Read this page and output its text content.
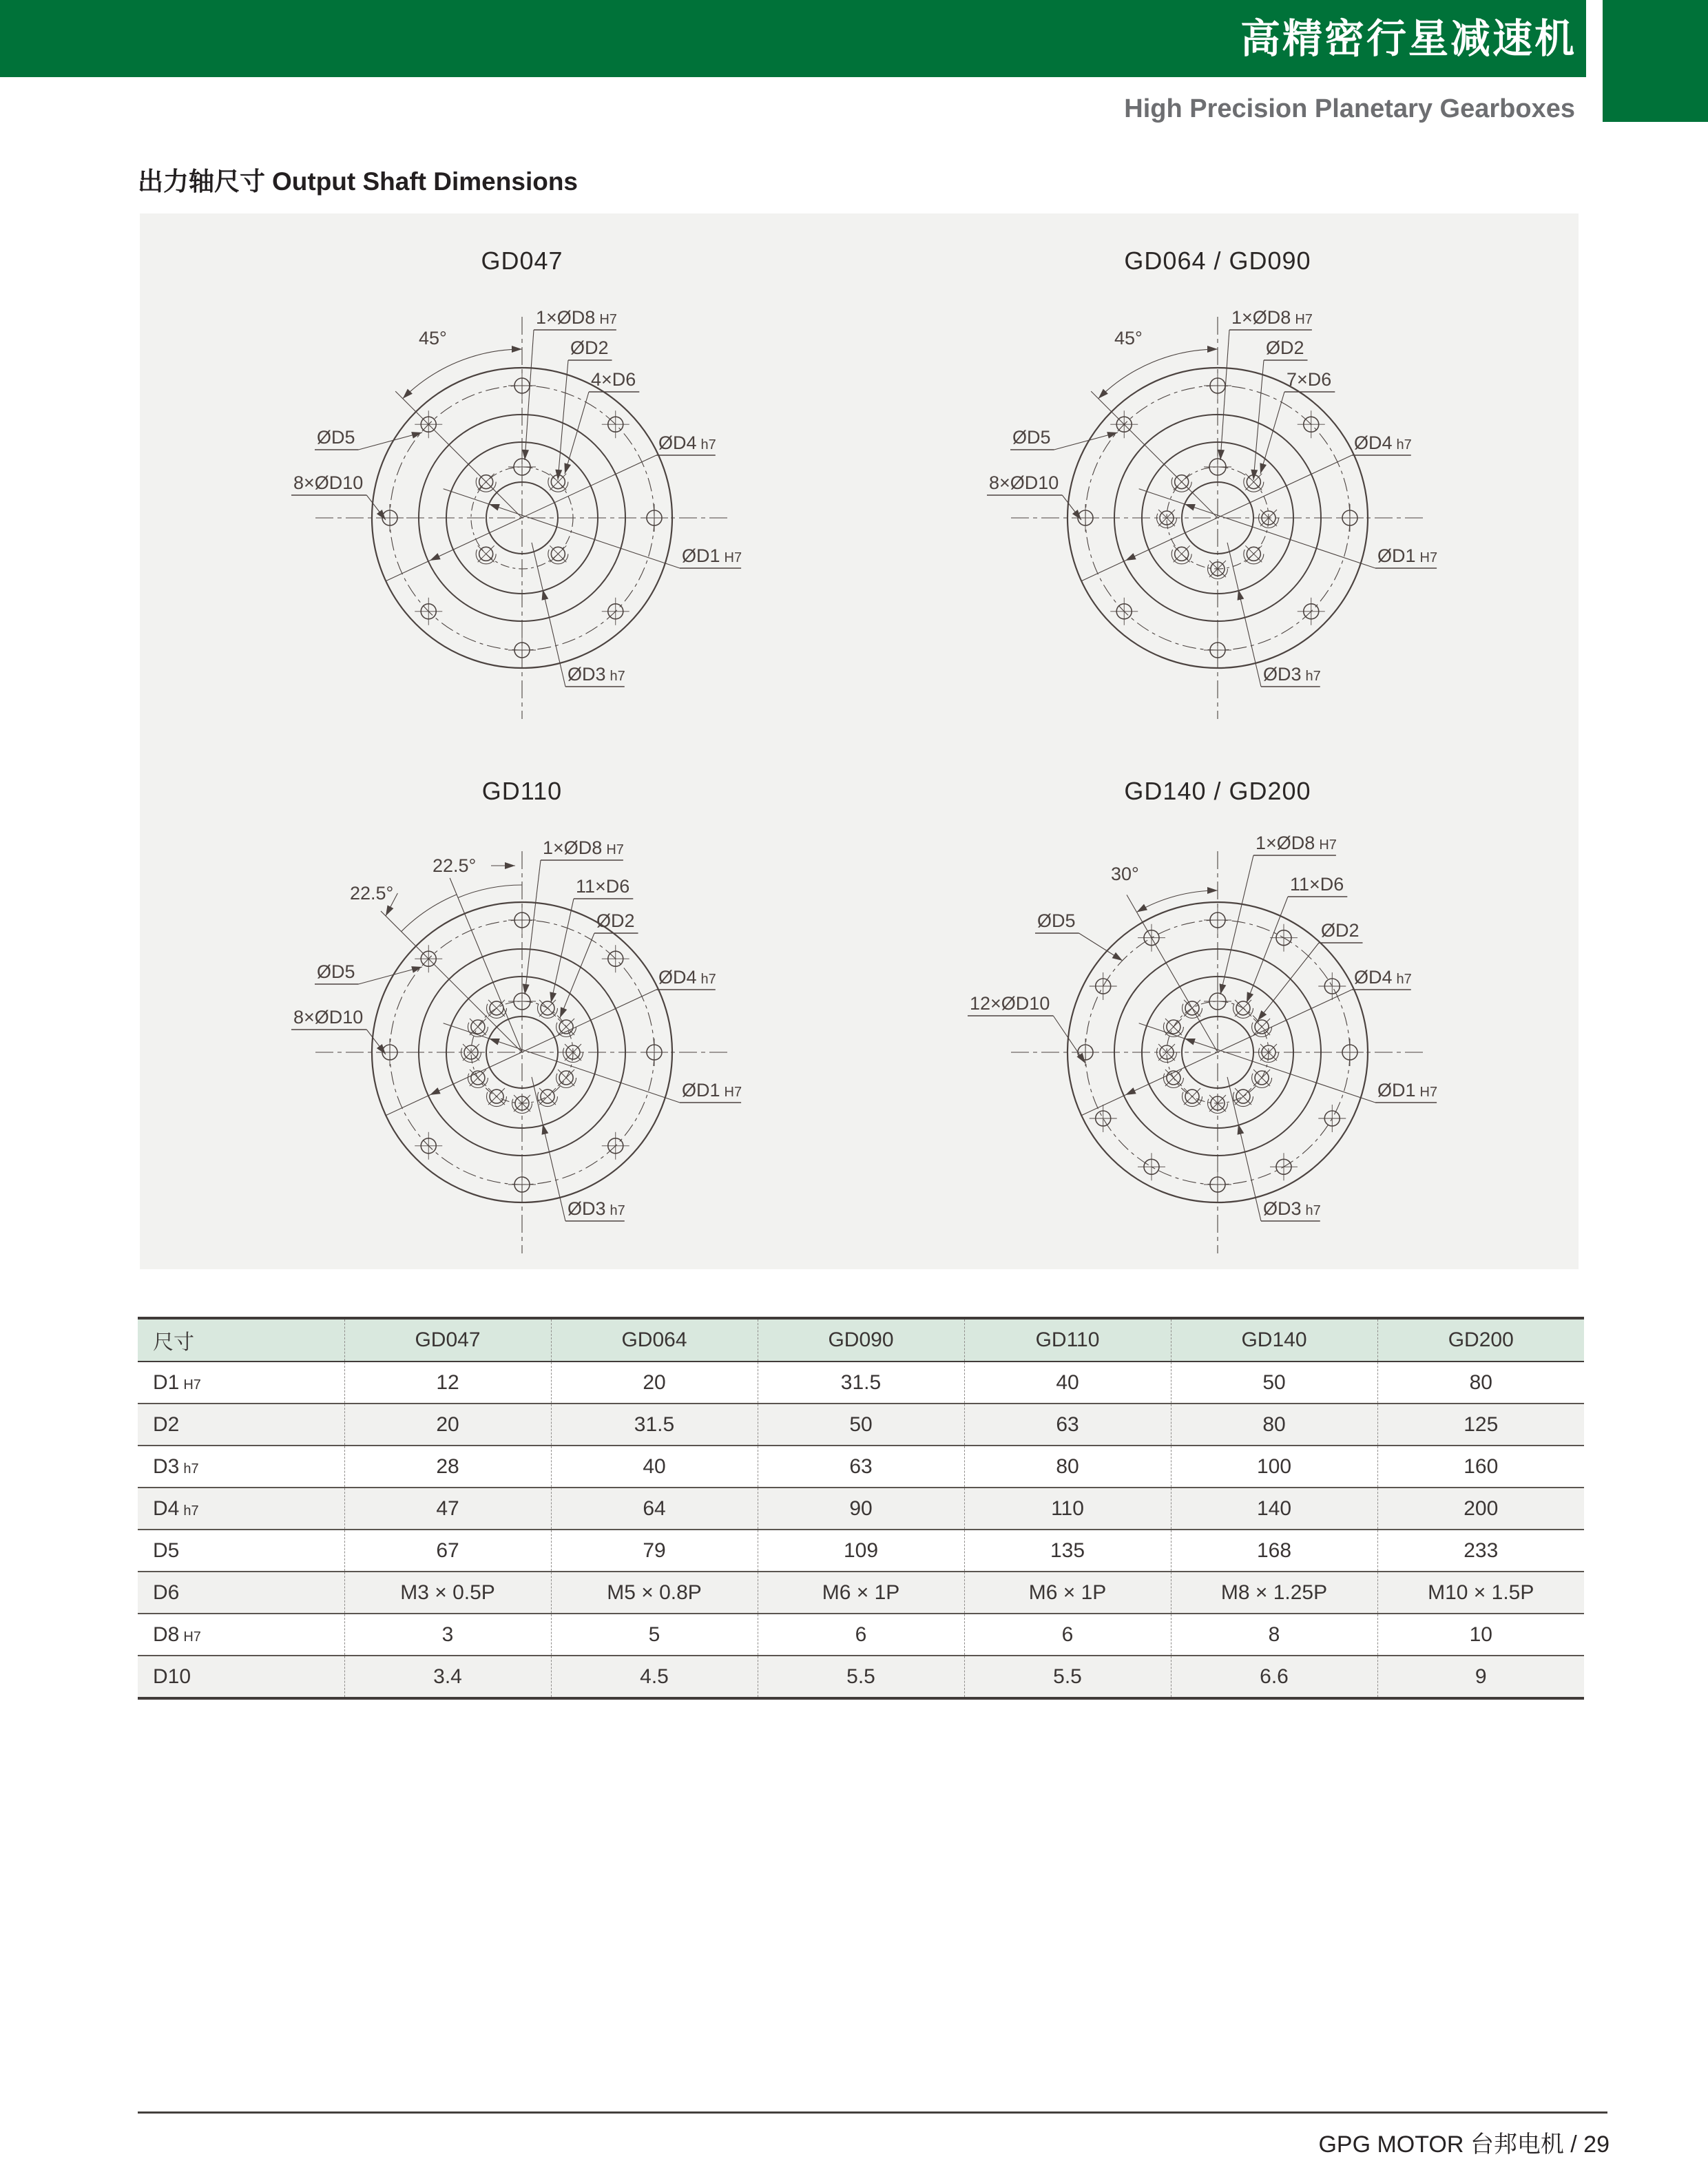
高精密行星减速机
High Precision Planetary Gearboxes
出力轴尺寸 Output Shaft Dimensions
GD047	GD064 / GD090
GD110	GD140 / GD200
45°
1×ØD8 H7
ØD2
4×D6
ØD5
8×ØD10
ØD4 h7
ØD1 H7
ØD3 h7
45°
1×ØD8 H7
ØD2
7×D6
ØD5
8×ØD10
ØD4 h7
ØD1 H7
ØD3 h7
22.5°
22.5°
1×ØD8 H7
ØD2
11×D6
ØD5
8×ØD10
ØD4 h7
ØD1 H7
ØD3 h7
30°
1×ØD8 H7
ØD2
11×D6
ØD5
12×ØD10
ØD4 h7
ØD1 H7
ØD3 h7
尺寸	GD047	GD064	GD090	GD110	GD140	GD200
D1 H7	12	20	31.5	40	50	80
D2	20	31.5	50	63	80	125
D3 h7	28	40	63	80	100	160
D4 h7	47	64	90	110	140	200
D5	67	79	109	135	168	233
D6	M3 × 0.5P	M5 × 0.8P	M6 × 1P	M6 × 1P	M8 × 1.25P	M10 × 1.5P
D8 H7	3	5	6	6	8	10
D10	3.4	4.5	5.5	5.5	6.6	9
GPG MOTOR 台邦电机 / 29
